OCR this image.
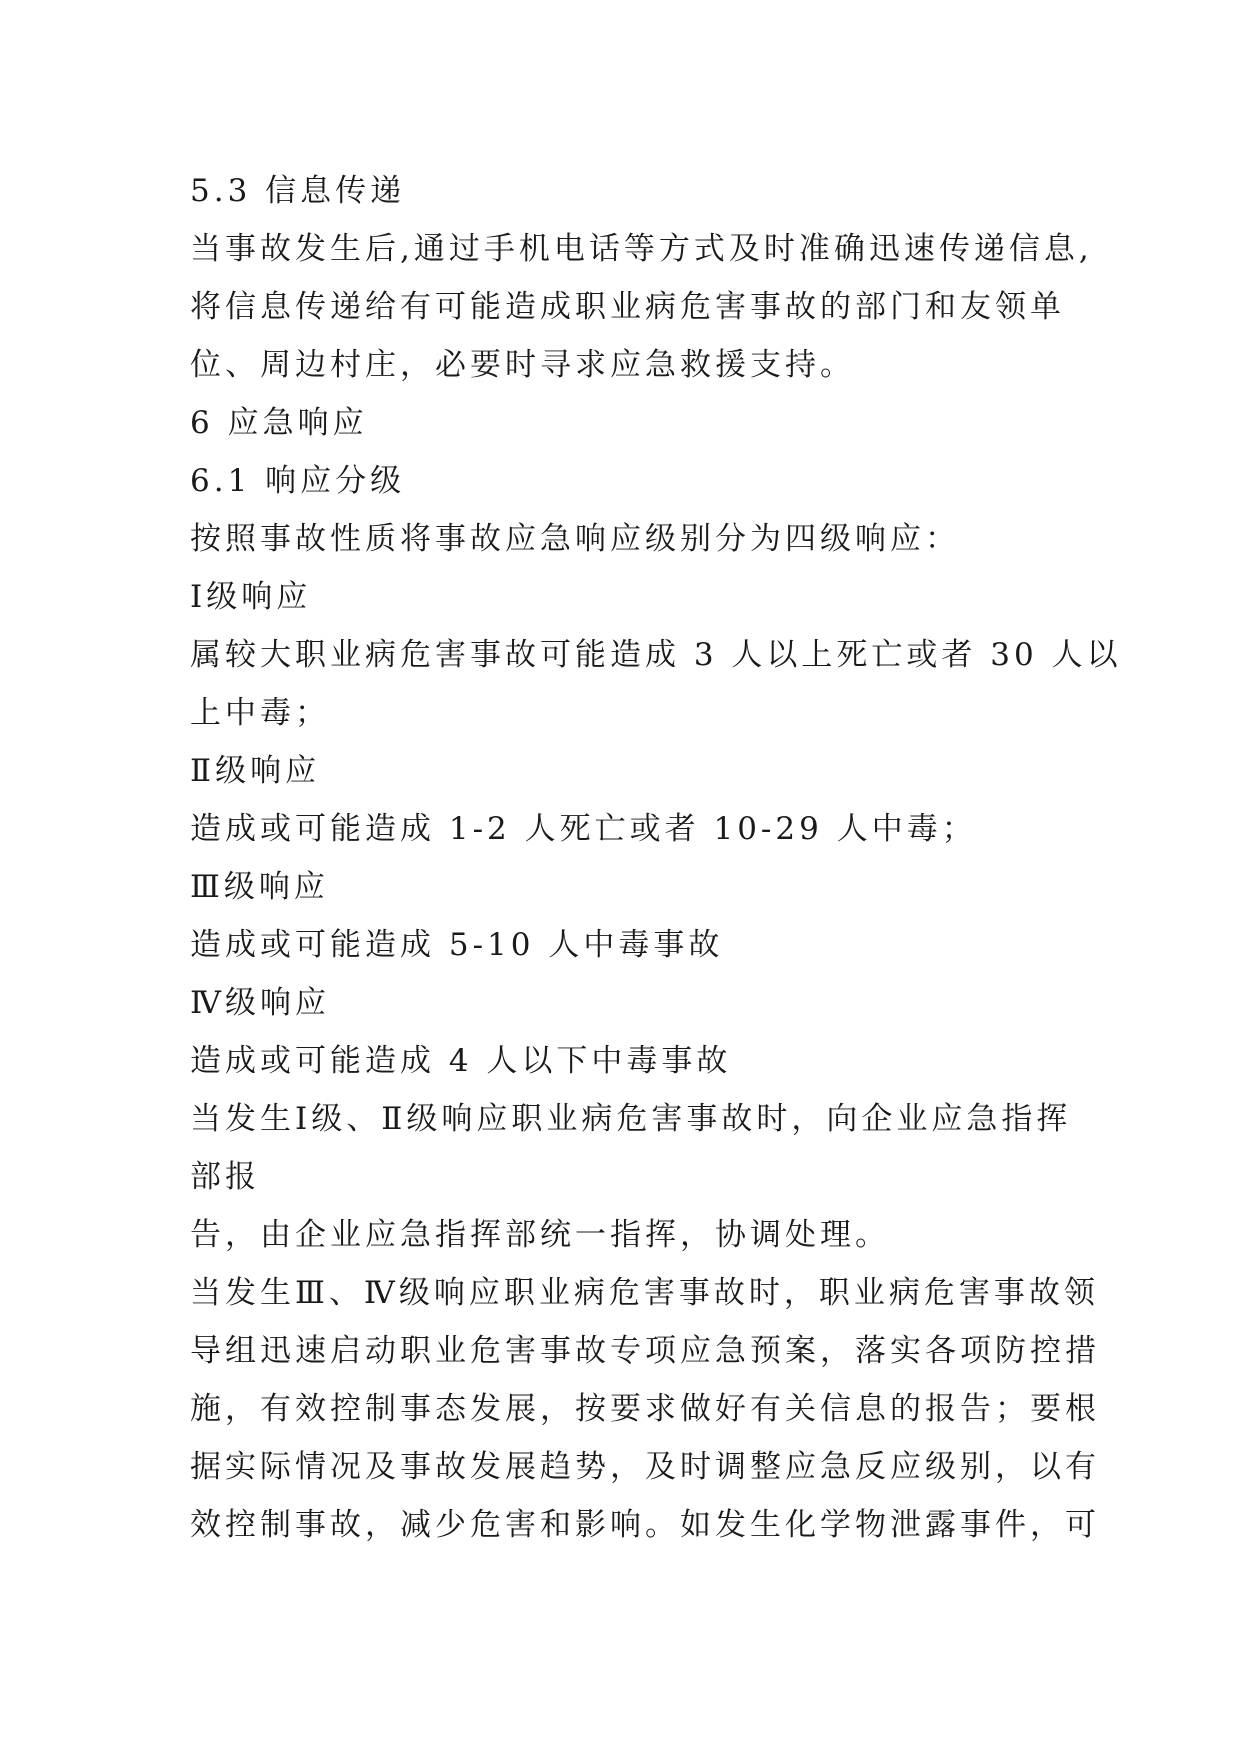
5.3 信息传递
当事故发生后,通过手机电话等方式及时准确迅速传递信息,
将信息传递给有可能造成职业病危害事故的部门和友领单
位、周边村庄，必要时寻求应急救援支持。
6 应急响应
6.1 响应分级
按照事故性质将事故应急响应级别分为四级响应：
Ⅰ级响应
属较大职业病危害事故可能造成 3 人以上死亡或者 30 人以
上中毒；
Ⅱ级响应
造成或可能造成 1-2 人死亡或者 10-29 人中毒；
Ⅲ级响应
造成或可能造成 5-10 人中毒事故
Ⅳ级响应
造成或可能造成 4 人以下中毒事故
当发生Ⅰ级、Ⅱ级响应职业病危害事故时，向企业应急指挥
部报
告，由企业应急指挥部统一指挥，协调处理。
当发生Ⅲ、Ⅳ级响应职业病危害事故时，职业病危害事故领
导组迅速启动职业危害事故专项应急预案，落实各项防控措
施，有效控制事态发展，按要求做好有关信息的报告；要根
据实际情况及事故发展趋势，及时调整应急反应级别，以有
效控制事故，减少危害和影响。如发生化学物泄露事件，可
